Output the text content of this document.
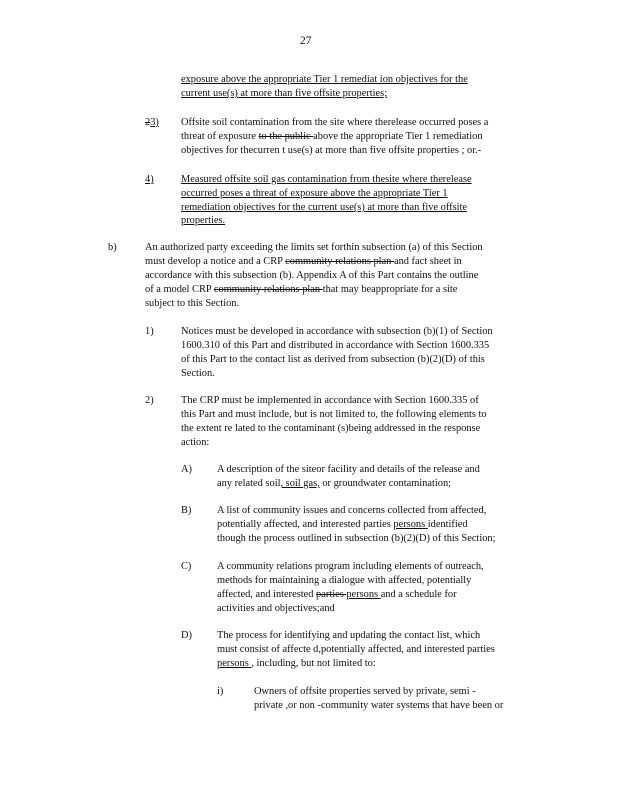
27
exposure above the appropriate Tier 1 remediat ion objectives for the
current use(s) at more than five offsite properties;
23) Offsite soil contamination from the site where therelease occurred poses a
threat of exposure to the public above the appropriate Tier 1 remediation
objectives for thecurren t use(s) at more than five offsite properties ; or.-
4)	Measured offsite soil gas contamination from thesite where therelease
occurred poses a threat of exposure above the appropriate Tier 1
remediation objectives for the current use(s) at more than five offsite
properties.
b)	An authorized party exceeding the limits set forthin subsection (a) of this Section
must develop a notice and a CRP community relations plan and fact sheet in
accordance with this subsection (b). Appendix A of this Part contains the outline
of a model CRP community relations plan that may beappropriate for a site
subject to this Section.
1)	Notices must be developed in accordance with subsection (b)(1) of Section
1600.310 of this Part and distributed in accordance with Section 1600.335
of this Part to the contact list as derived from subsection (b)(2)(D) of this
Section.
2)	The CRP must be implemented in accordance with Section 1600.335 of
this Part and must include, but is not limited to, the following elements to
the extent re lated to the contaminant (s)being addressed in the response
action:
A) A description of the siteor facility and details of the release and
any related soil, soil gas, or groundwater contamination;
B) A list of community issues and concerns collected from affected,
potentially affected, and interested parties persons identified
though the process outlined in subsection (b)(2)(D) of this Section;
C) A community relations program including elements of outreach,
methods for maintaining a dialogue with affected, potentially
affected, and interested parties persons and a schedule for
activities and objectives;and
D) The process for identifying and updating the contact list, which
must consist of affecte d,potentially affected, and interested parties
persons , including, but not limited to:
i)	Owners of offsite properties served by private, semi -
private ,or non -community water systems that have been or
